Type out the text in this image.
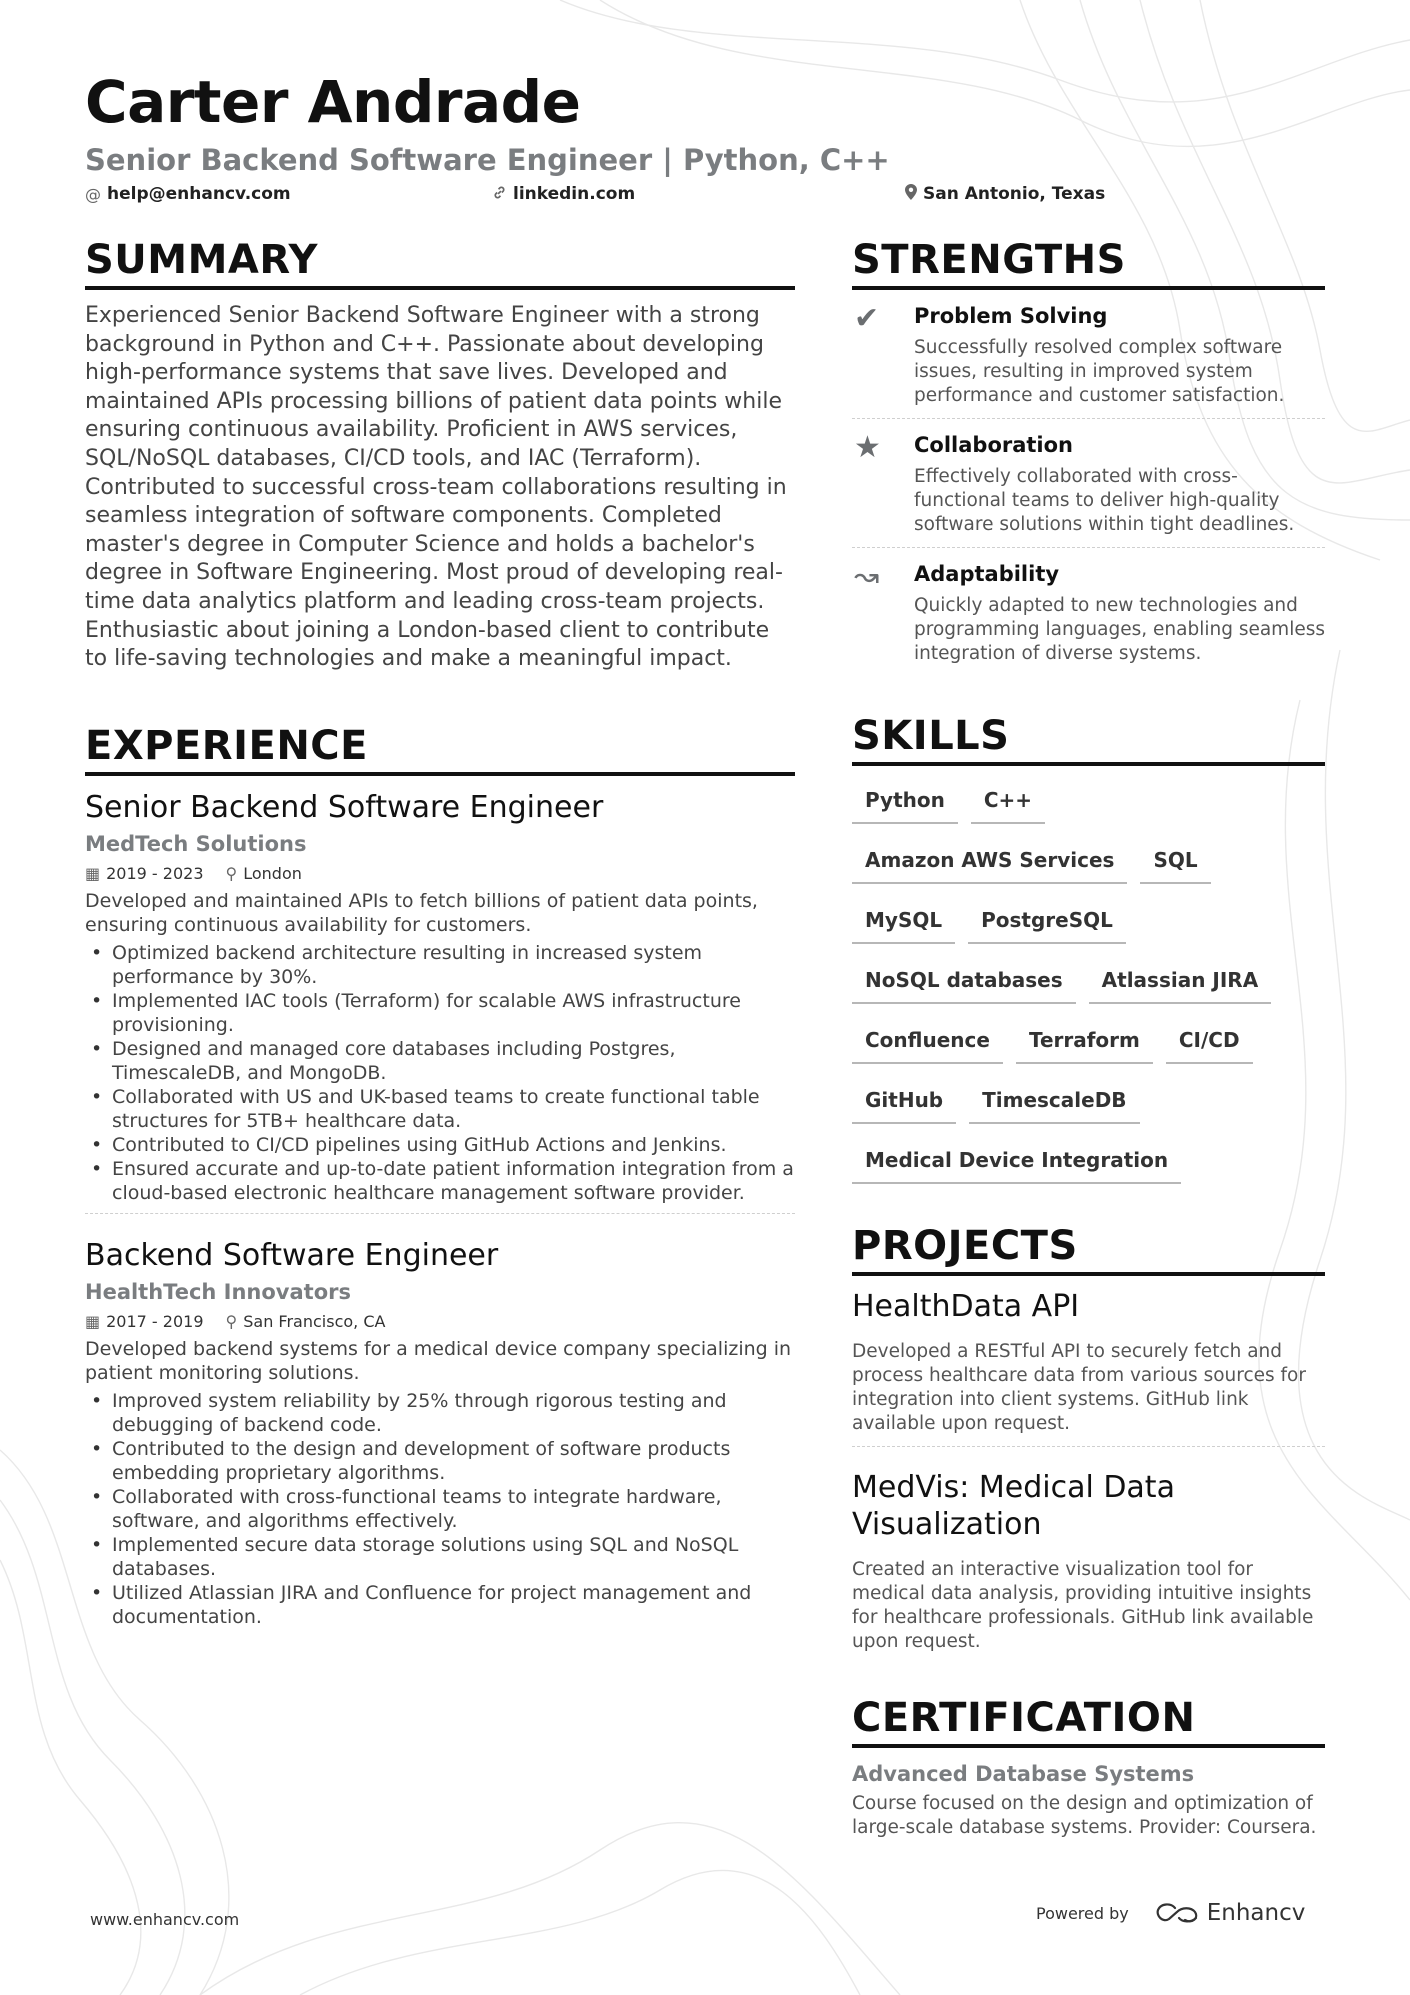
Carter Andrade
Senior Backend Software Engineer | Python, C++
@ help@enhancv.com	linkedin.com	San Antonio, Texas
SUMMARY

Experienced Senior Backend Software Engineer with a strong background in Python and C++. Passionate about developing high-performance systems that save lives. Developed and maintained APIs processing billions of patient data points while ensuring continuous availability. Proficient in AWS services, SQL/NoSQL databases, CI/CD tools, and IAC (Terraform). Contributed to successful cross-team collaborations resulting in seamless integration of software components. Completed master's degree in Computer Science and holds a bachelor's degree in Software Engineering. Most proud of developing real-time data analytics platform and leading cross-team projects. Enthusiastic about joining a London-based client to contribute to life-saving technologies and make a meaningful impact.

EXPERIENCE
Senior Backend Software Engineer
MedTech Solutions
▦ 2019 - 2023 ⚲ London
Developed and maintained APIs to fetch billions of patient data points, ensuring continuous availability for customers.
• Optimized backend architecture resulting in increased system performance by 30%.
• Implemented IAC tools (Terraform) for scalable AWS infrastructure provisioning.
• Designed and managed core databases including Postgres, TimescaleDB, and MongoDB.
• Collaborated with US and UK-based teams to create functional table structures for 5TB+ healthcare data.
• Contributed to CI/CD pipelines using GitHub Actions and Jenkins.
• Ensured accurate and up-to-date patient information integration from a cloud-based electronic healthcare management software provider.
Backend Software Engineer
HealthTech Innovators
▦ 2017 - 2019 ⚲ San Francisco, CA
Developed backend systems for a medical device company specializing in patient monitoring solutions.
• Improved system reliability by 25% through rigorous testing and debugging of backend code.
• Contributed to the design and development of software products embedding proprietary algorithms.
• Collaborated with cross-functional teams to integrate hardware, software, and algorithms effectively.
• Implemented secure data storage solutions using SQL and NoSQL databases.
• Utilized Atlassian JIRA and Confluence for project management and documentation.
STRENGTHS
✔	Problem Solving
Successfully resolved complex software issues, resulting in improved system performance and customer satisfaction.
★	Collaboration
Effectively collaborated with cross-functional teams to deliver high-quality software solutions within tight deadlines.
↝	Adaptability
Quickly adapted to new technologies and programming languages, enabling seamless integration of diverse systems.
SKILLS
Python	C++
Amazon AWS Services	SQL
MySQL	PostgreSQL
NoSQL databases	Atlassian JIRA
Confluence	Terraform	CI/CD
GitHub	TimescaleDB
Medical Device Integration
PROJECTS
HealthData API
Developed a RESTful API to securely fetch and process healthcare data from various sources for integration into client systems. GitHub link available upon request.
MedVis: Medical Data Visualization
Created an interactive visualization tool for medical data analysis, providing intuitive insights for healthcare professionals. GitHub link available upon request.
CERTIFICATION
Advanced Database Systems
Course focused on the design and optimization of large-scale database systems. Provider: Coursera.
www.enhancv.com	Powered by	Enhancv
